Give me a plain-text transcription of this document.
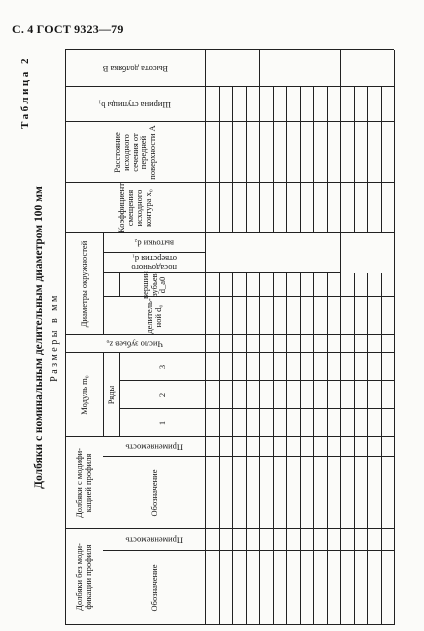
С. 4 ГОСТ 9323—79
Таблица 2
Долбяки с номинальным делительным диаметром 100 мм Размеры в мм
Долбяки без моди-
фикации профиля
Долбяки с модифи-
кацией профиля
Обозначение
Применяемость
Обозначение
Применяемость
Модуль m₀	Ряды
1
2
3
Число зубьев z₀
Диаметры окружностей	делитель-
ной d₀
вершин
зубьев
d_a0
посадочного
отверстия d₁
выточки d₂
Коэффициент
смещения исходного
контура x₀
Расстояние исходного
сечения от передней
поверхности A
Ширина ступицы b₁
Высота долбяка B
